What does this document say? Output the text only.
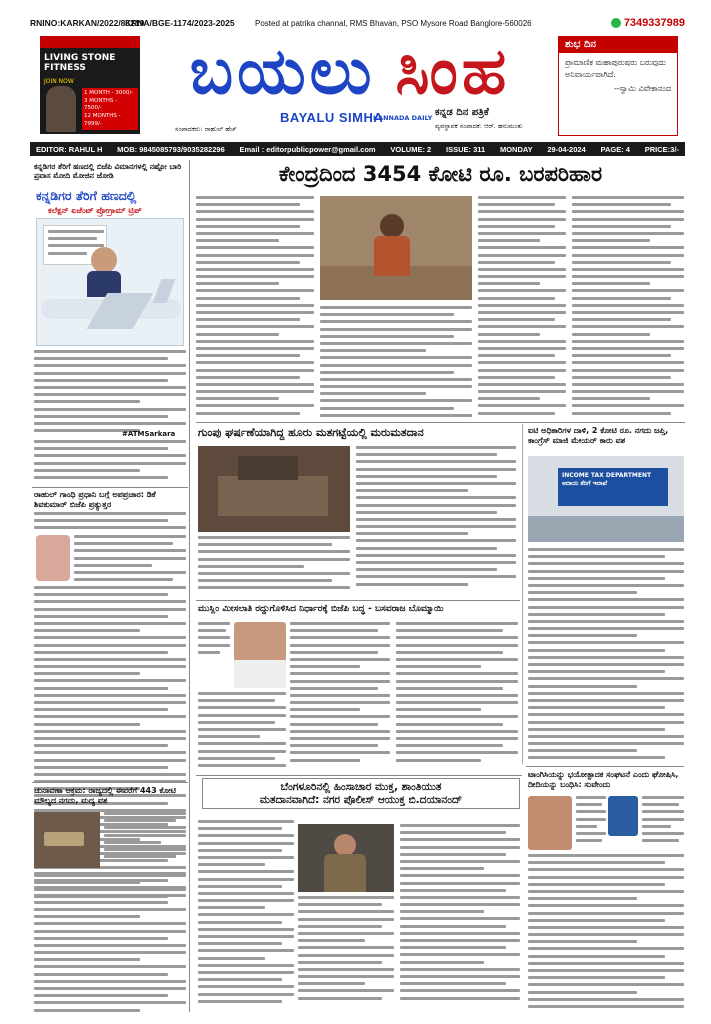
RNINO:KARKAN/2022/83219
KRNA/BGE-1174/2023-2025	Posted at patrika channal, RMS Bhavan, PSO Mysore Road Banglore-560026	7349337989
LIVING STONE FITNESS
JOIN NOW
1 MONTH - 3000/-
3 MONTHS - 7500/-
12 MONTHS - 7999/-
ಬಯಲು ಸಿಂಹ
ಸಂಪಾದಕರು: ರಾಹುಲ್ ಹೆಚ್
BAYALU SIMHA
KANNADA DAILY ಕನ್ನಡ ದಿನ ಪತ್ರಿಕೆ
ವ್ಯವಸ್ಥಾಪಕ ಸಂಪಾದಕ: ಆರ್. ಹನುಮಂತು
ಶುಭ ದಿನ
ಪ್ರಾಮಾಣಿಕ ಮಹಾಪುರುಷರು ಬರುವುದು ಅನಿವಾರ್ಯವಾಗಿದೆ.
--ಸ್ವಾಮಿ ವಿವೇಕಾನಂದ
EDITOR: RAHUL H MOB: 9845085793/9035282296 Email : editorpublicpower@gmail.com VOLUME: 2 ISSUE: 311 MONDAY 29-04-2024 PAGE: 4 PRICE:3/-
ಕನ್ನಡಿಗರ ತೆರಿಗೆ ಹಣದಲ್ಲಿ ಬಿಜೆಪಿ ವಿಮಾನಗಳಲ್ಲಿ ನಷ್ಟೋ ಬಾರಿ ಪ್ರವಾಸ ಮೋದಿ ಮೋಜಿನ ಜೋಡಿ
ಕನ್ನಡಿಗರ ತೆರಿಗೆ ಹಣದಲ್ಲಿ
ಕಲೆಕ್ಷನ್ ಏಜೆಂಟ್ ಪ್ರೋಗ್ರಾಮ್ ಟ್ರಿಪ್
#ATMSarkara
ರಾಹುಲ್ ಗಾಂಧಿ ಪ್ರಧಾನಿ ಬಗ್ಗೆ ಅಪಪ್ರಚಾರ: ಡಿಕೆ ಶಿವಕುಮಾರ್ ಬಿಜೆಪಿ ಪ್ರತ್ಯುತ್ತರ
ಚುನಾವಣಾ ಆಕ್ರಮ: ರಾಜ್ಯದಲ್ಲಿ ಈವರೆಗೆ 443 ಕೋಟಿ ಮೌಲ್ಯದ ನಗದು, ಮದ್ಯ ವಶ
ಕೇಂದ್ರದಿಂದ 3454 ಕೋಟಿ ರೂ. ಬರಪರಿಹಾರ
ಗುಂಪು ಘರ್ಷಣೆಯಾಗಿದ್ದ ಹೂರು ಮತಗಟ್ಟೆಯಲ್ಲಿ ಮರುಮತದಾನ	ಐಟಿ ಅಧಿಕಾರಿಗಳ ದಾಳಿ, 2 ಕೋಟಿ ರೂ. ನಗದು ಜಪ್ತಿ, ಕಾಂಗ್ರೆಸ್ ಮಾಜಿ ಮೇಯರ್ ಕಾರು ವಶ
INCOME TAX DEPARTMENT
ಆದಾಯ ತೆರಿಗೆ ಇಲಾಖೆ
ಮುಸ್ಲಿಂ ಮೀಸಲಾತಿ ರದ್ದುಗೊಳಿಸಿದ ನಿರ್ಧಾರಕ್ಕೆ ಬಿಜೆಪಿ ಬದ್ಧ - ಬಸವರಾಜ ಬೊಮ್ಮಾಯಿ
ಟಾಂಗಿಸಿಯನ್ನು ಭಯೋತ್ಪಾದಕ ಸಂಘಟನೆ ಎಂದು ಘೋಷಿಸಿ, ದೀದಿಯನ್ನು ಬಂಧಿಸಿ: ಸುವೇಂದು
ಬೆಂಗಳೂರಿನಲ್ಲಿ ಹಿಂಸಾಚಾರ ಮುಕ್ತ, ಶಾಂತಿಯುತ
ಮತದಾನವಾಗಿದೆ: ನಗರ ಪೊಲೀಸ್ ಆಯುಕ್ತ ಬಿ.ದಯಾನಂದ್
